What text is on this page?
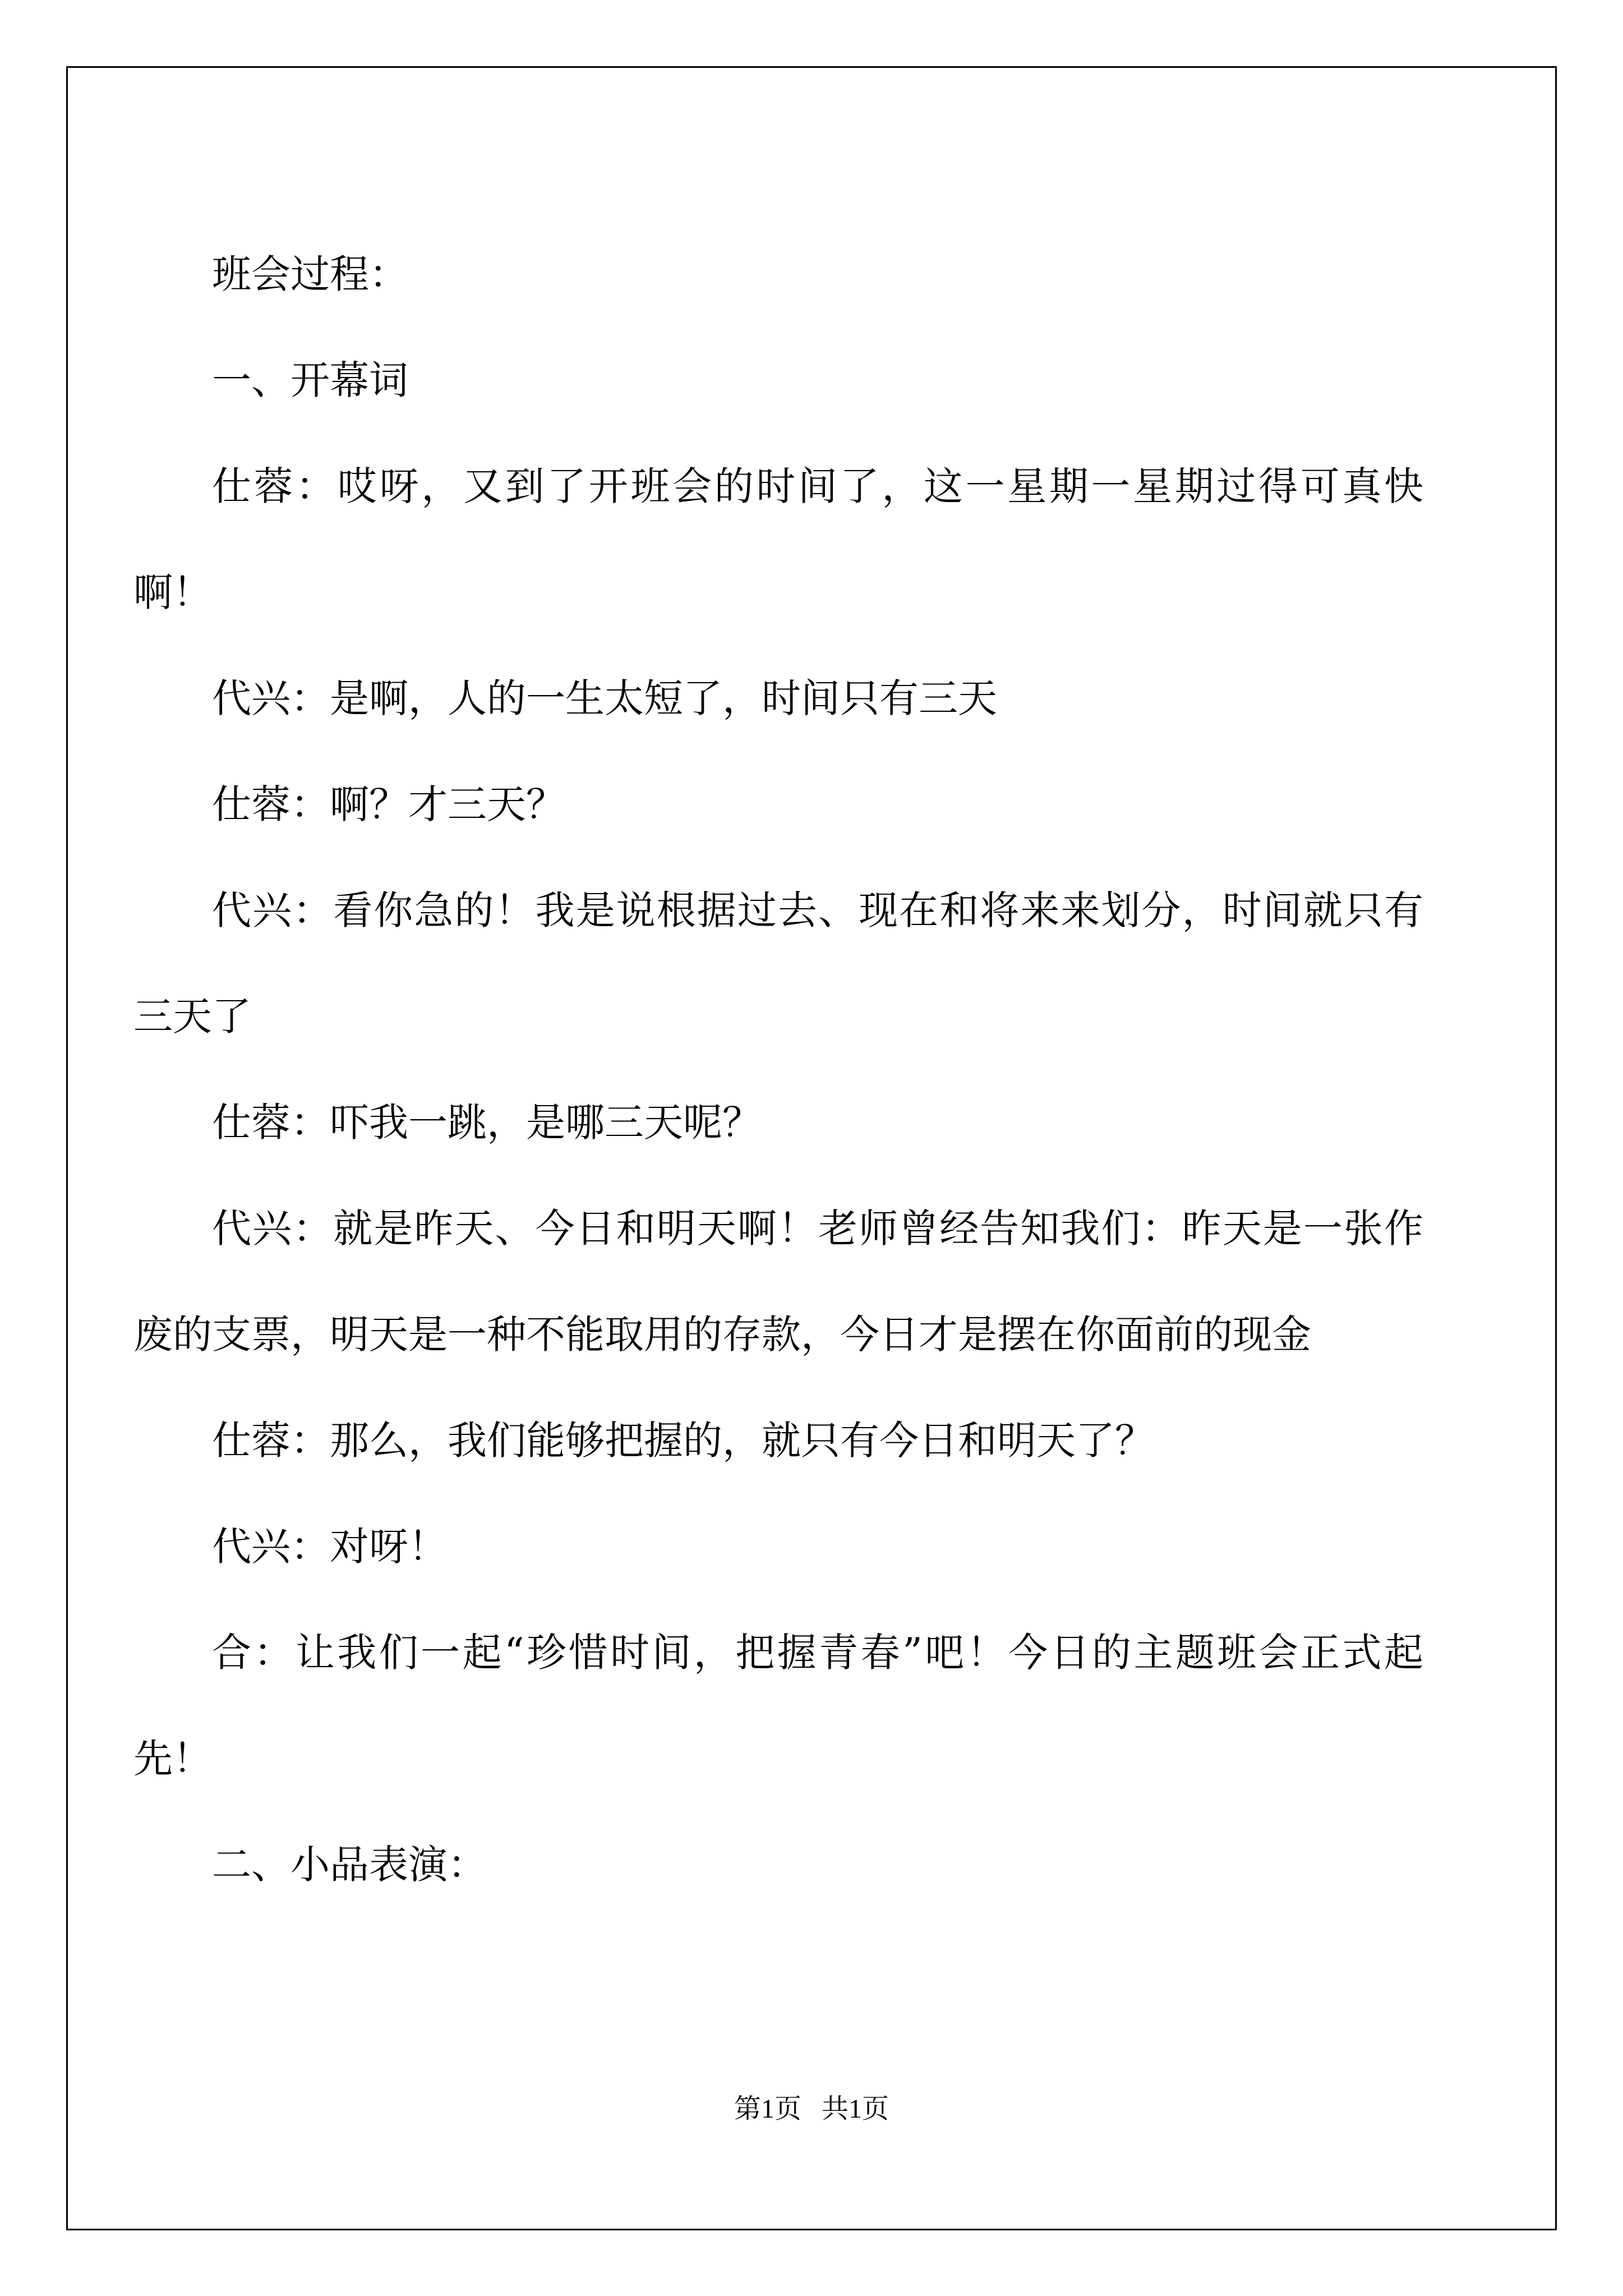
班会过程：

一、开幕词

仕蓉：哎呀，又到了开班会的时间了，这一星期一星期过得可真快啊！

代兴：是啊，人的一生太短了，时间只有三天

仕蓉：啊？才三天？

代兴：看你急的！我是说根据过去、现在和将来来划分，时间就只有三天了

仕蓉：吓我一跳，是哪三天呢？

代兴：就是昨天、今日和明天啊！老师曾经告知我们：昨天是一张作废的支票，明天是一种不能取用的存款，今日才是摆在你面前的现金

仕蓉：那么，我们能够把握的，就只有今日和明天了？

代兴：对呀！

合：让我们一起“珍惜时间，把握青春”吧！今日的主题班会正式起先！

二、小品表演：

第1页   共1页
